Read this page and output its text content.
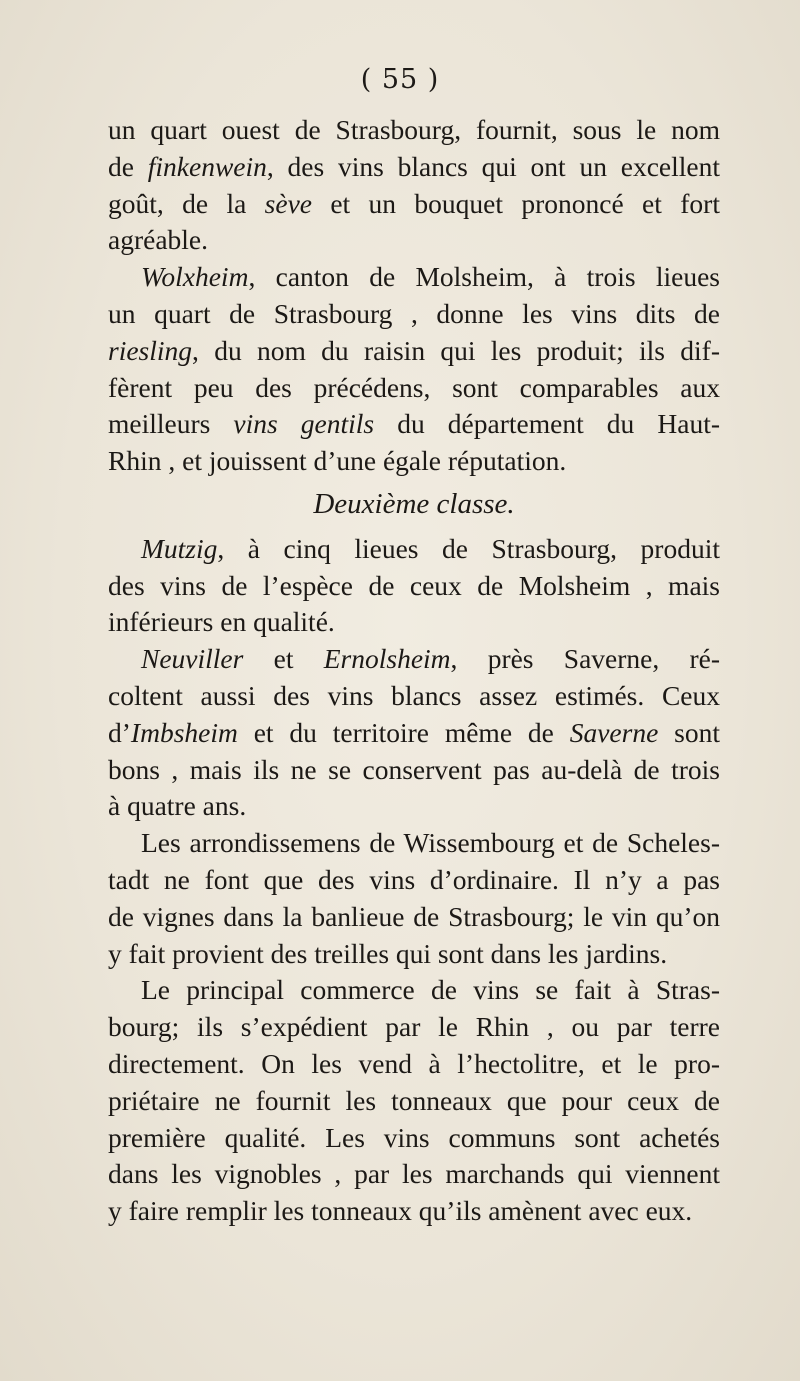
( 55 )

un quart ouest de Strasbourg, fournit, sous le nom
de finkenwein, des vins blancs qui ont un excellent
goût, de la sève et un bouquet prononcé et fort
agréable.

Wolxheim, canton de Molsheim, à trois lieues
un quart de Strasbourg , donne les vins dits de
riesling, du nom du raisin qui les produit; ils dif-
fèrent peu des précédens, sont comparables aux
meilleurs vins gentils du département du Haut-
Rhin , et jouissent d’une égale réputation.

Deuxième classe.

Mutzig, à cinq lieues de Strasbourg, produit
des vins de l’espèce de ceux de Molsheim , mais
inférieurs en qualité.

Neuviller et Ernolsheim, près Saverne, ré-
coltent aussi des vins blancs assez estimés. Ceux
d’Imbsheim et du territoire même de Saverne sont
bons , mais ils ne se conservent pas au-delà de trois
à quatre ans.

Les arrondissemens de Wissembourg et de Scheles-
tadt ne font que des vins d’ordinaire. Il n’y a pas
de vignes dans la banlieue de Strasbourg; le vin qu’on
y fait provient des treilles qui sont dans les jardins.

Le principal commerce de vins se fait à Stras-
bourg; ils s’expédient par le Rhin , ou par terre
directement. On les vend à l’hectolitre, et le pro-
priétaire ne fournit les tonneaux que pour ceux de
première qualité. Les vins communs sont achetés
dans les vignobles , par les marchands qui viennent
y faire remplir les tonneaux qu’ils amènent avec eux.
